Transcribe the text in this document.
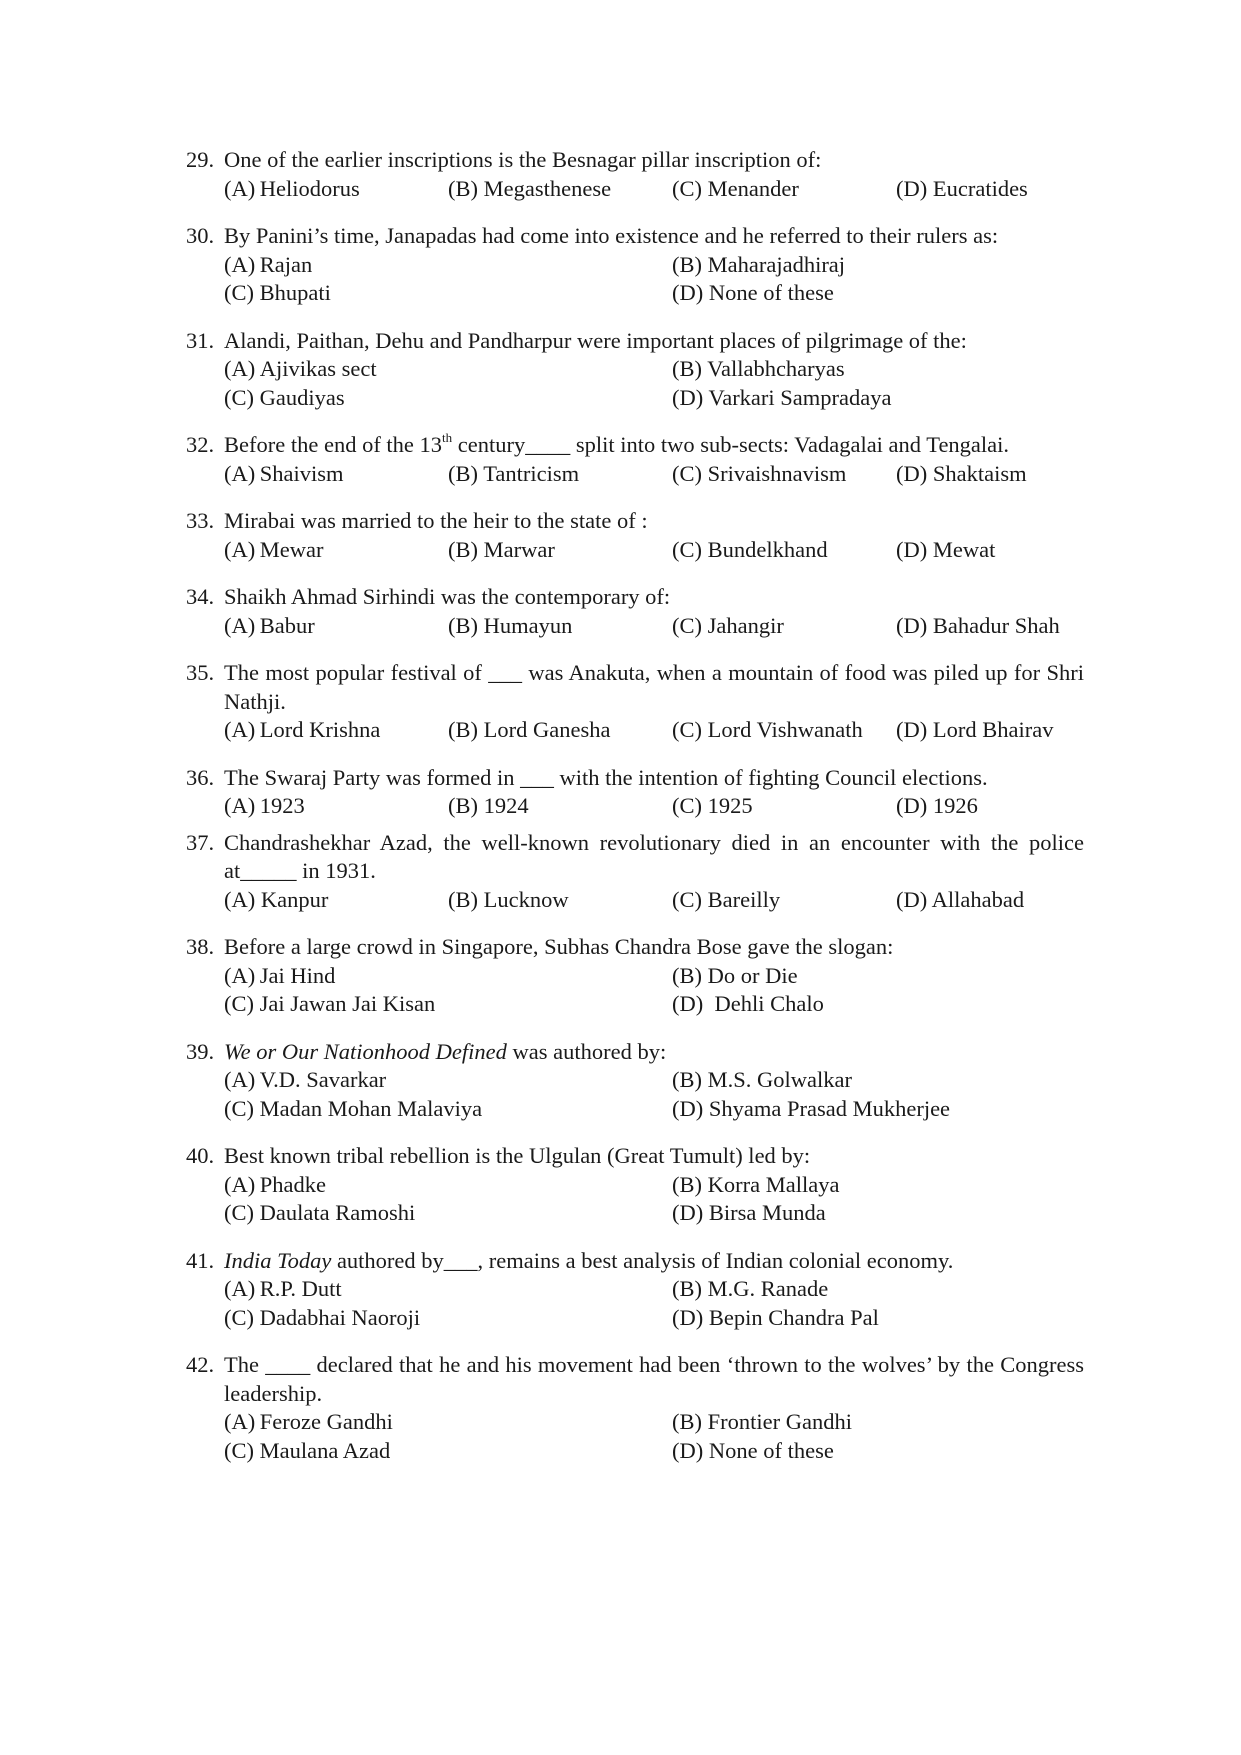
29. One of the earlier inscriptions is the Besnagar pillar inscription of:
(A) Heliodorus	(B) Megasthenese	(C) Menander	(D) Eucratides
30. By Panini’s time, Janapadas had come into existence and he referred to their rulers as:
(A) Rajan	(B) Maharajadhiraj
(C) Bhupati	(D) None of these
31. Alandi, Paithan, Dehu and Pandharpur were important places of pilgrimage of the:
(A) Ajivikas sect	(B) Vallabhcharyas
(C) Gaudiyas	(D) Varkari Sampradaya
32. Before the end of the 13th century____ split into two sub-sects: Vadagalai and Tengalai.
(A) Shaivism	(B) Tantricism	(C) Srivaishnavism	(D) Shaktaism
33. Mirabai was married to the heir to the state of :
(A) Mewar	(B) Marwar	(C) Bundelkhand	(D) Mewat
34. Shaikh Ahmad Sirhindi was the contemporary of:
(A) Babur	(B) Humayun	(C) Jahangir	(D) Bahadur Shah
35. The most popular festival of ___ was Anakuta, when a mountain of food was piled up for Shri Nathji.
(A) Lord Krishna	(B) Lord Ganesha	(C) Lord Vishwanath	(D) Lord Bhairav
36. The Swaraj Party was formed in ___ with the intention of fighting Council elections.
(A) 1923	(B) 1924	(C) 1925	(D) 1926
37. Chandrashekhar Azad, the well-known revolutionary died in an encounter with the police at_____ in 1931.
(A) Kanpur	(B) Lucknow	(C) Bareilly	(D) Allahabad
38. Before a large crowd in Singapore, Subhas Chandra Bose gave the slogan:
(A) Jai Hind	(B) Do or Die
(C) Jai Jawan Jai Kisan	(D)  Dehli Chalo
39. We or Our Nationhood Defined was authored by:
(A) V.D. Savarkar	(B) M.S. Golwalkar
(C) Madan Mohan Malaviya	(D) Shyama Prasad Mukherjee
40. Best known tribal rebellion is the Ulgulan (Great Tumult) led by:
(A) Phadke	(B) Korra Mallaya
(C) Daulata Ramoshi	(D) Birsa Munda
41. India Today authored by___, remains a best analysis of Indian colonial economy.
(A) R.P. Dutt	(B) M.G. Ranade
(C) Dadabhai Naoroji	(D) Bepin Chandra Pal
42. The ____ declared that he and his movement had been ‘thrown to the wolves’ by the Congress leadership.
(A) Feroze Gandhi	(B) Frontier Gandhi
(C) Maulana Azad	(D) None of these
